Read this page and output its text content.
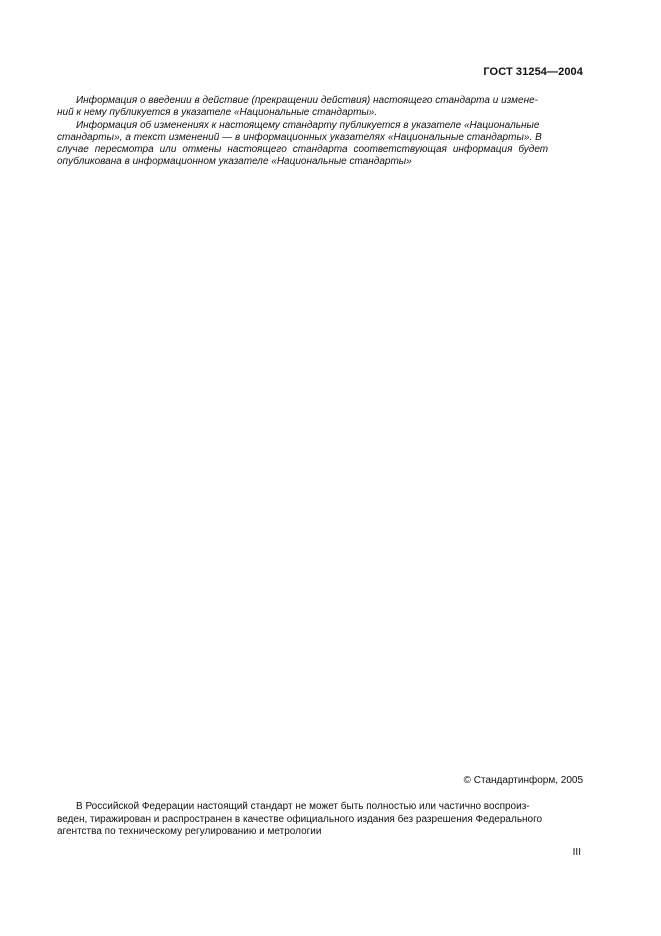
ГОСТ 31254—2004
Информация о введении в действие (прекращении действия) настоящего стандарта и измене-
ний к нему публикуется в указателе «Национальные стандарты».
Информация об изменениях к настоящему стандарту публикуется в указателе «Национальные
стандарты», а текст изменений — в информационных указателях «Национальные стандарты». В
случае пересмотра или отмены настоящего стандарта соответствующая информация будет
опубликована в информационном указателе «Национальные стандарты»
© Стандартинформ, 2005
В Российской Федерации настоящий стандарт не может быть полностью или частично воспроиз-
веден, тиражирован и распространен в качестве официального издания без разрешения Федерального
агентства по техническому регулированию и метрологии
III
